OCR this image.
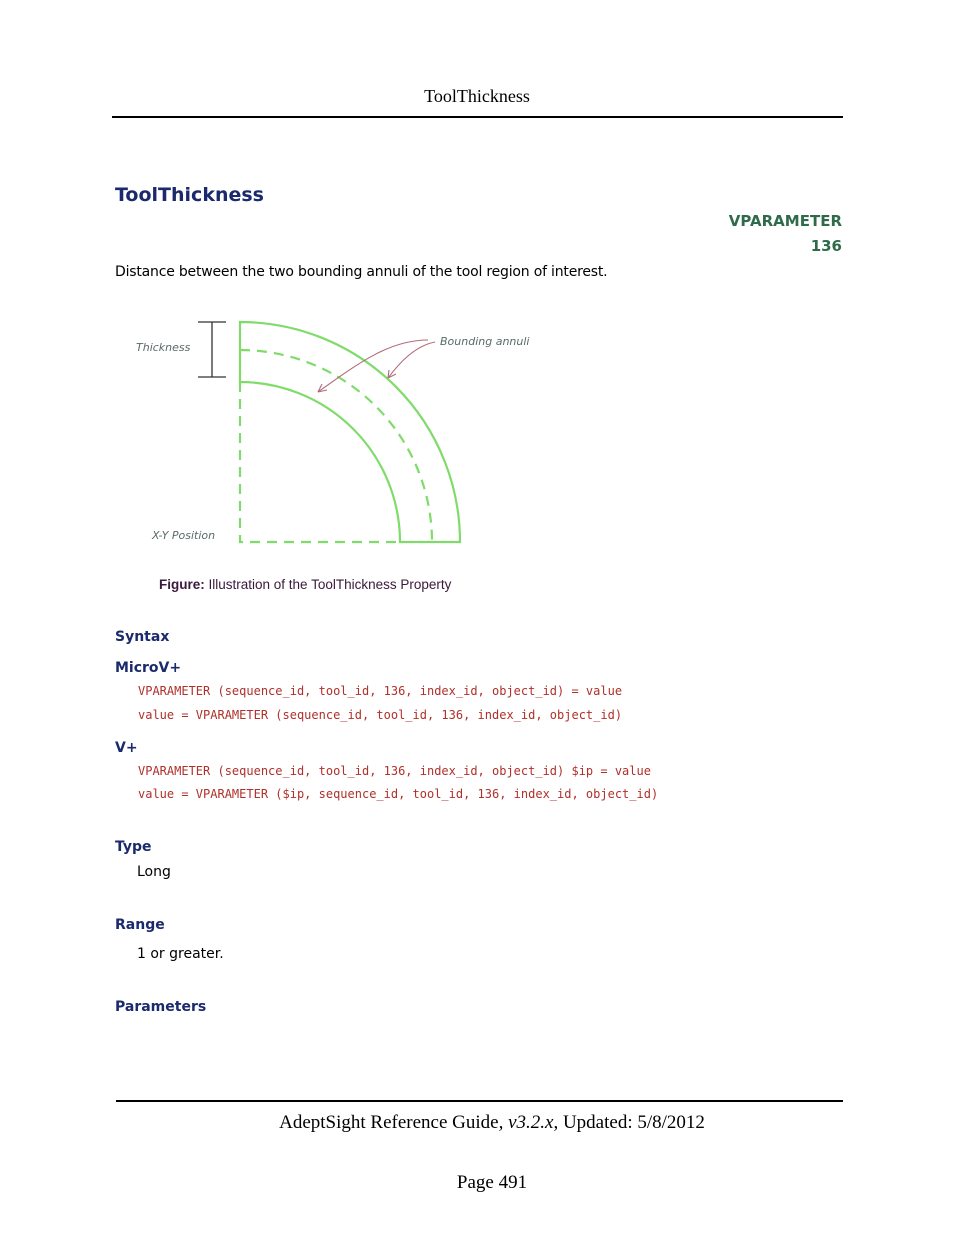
ToolThickness
ToolThickness
VPARAMETER
136
Distance between the two bounding annuli of the tool region of interest.
Thickness	Bounding annuli
X-Y Position
Figure: Illustration of the ToolThickness Property
Syntax
MicroV+
VPARAMETER (sequence_id, tool_id, 136, index_id, object_id) = value
value = VPARAMETER (sequence_id, tool_id, 136, index_id, object_id)
V+
VPARAMETER (sequence_id, tool_id, 136, index_id, object_id) $ip = value
value = VPARAMETER ($ip, sequence_id, tool_id, 136, index_id, object_id)
Type
Long
Range
1 or greater.
Parameters
AdeptSight Reference Guide, v3.2.x, Updated: 5/8/2012
Page 491
